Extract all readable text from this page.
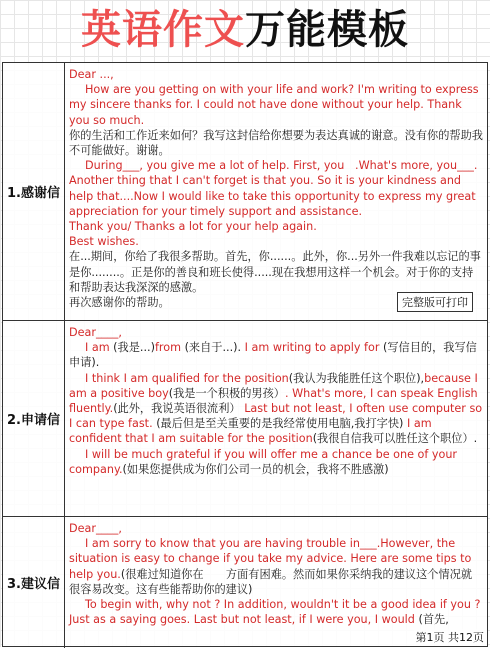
英语作文万能模板
1.感谢信

Dear ...,

How are you getting on with your life and work? I'm writing to express my sincere thanks for. I could not have done without your help. Thank you so much.

你的生活和工作近来如何？我写这封信给你想要为表达真诚的谢意。没有你的帮助我不可能做好。谢谢。

During___, you give me a lot of help. First, you .What's more, you___. Another thing that I can't forget is that you. So it is your kindness and help that....Now I would like to take this opportunity to express my great appreciation for your timely support and assistance.

Thank you/ Thanks a lot for your help again.

Best wishes.

在...期间，你给了我很多帮助。首先，你......。此外，你...另外一件我难以忘记的事是你........。正是你的善良和班长使得.....现在我想用这样一个机会。对于你的支持和帮助表达我深深的感激。

再次感谢你的帮助。	完整版可打印
2.申请信

Dear____,

I am (我是...)from (来自于...). I am writing to apply for (写信目的，我写信申请).

I think I am qualified for the position(我认为我能胜任这个职位),because I am a positive boy(我是一个积极的男孩）. What's more, I can speak English fluently.(此外，我说英语很流利） Last but not least, I often use computer so I can type fast. (最后但是至关重要的是我经常使用电脑,我打字快) I am confident that I am suitable for the position(我很自信我可以胜任这个职位）.

I will be much grateful if you will offer me a chance be one of your company.(如果您提供成为你们公司一员的机会，我将不胜感激)

3.建议信

Dear____,

I am sorry to know that you are having trouble in___.However, the situation is easy to change if you take my advice. Here are some tips to help you.(很难过知道你在　　方面有困难。然而如果你采纳我的建议这个情况就很容易改变。这有些能帮助你的建议)

To begin with, why not ? In addition, wouldn't it be a good idea if you ? Just as a saying goes. Last but not least, if I were you, I would (首先,

第1页 共12页
